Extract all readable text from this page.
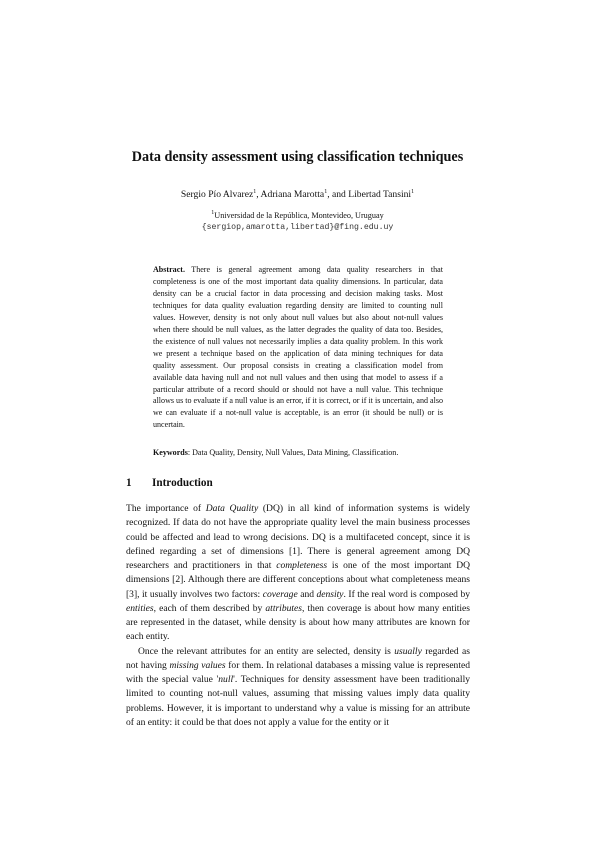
Data density assessment using classification techniques
Sergio Pío Alvarez$^1$, Adriana Marotta$^1$, and Libertad Tansini$^1$
$^1$Universidad de la República, Montevideo, Uruguay
{sergiop,amarotta,libertad}@fing.edu.uy
Abstract. There is general agreement among data quality researchers in that completeness is one of the most important data quality dimensions. In particular, data density can be a crucial factor in data processing and decision making tasks. Most techniques for data quality evaluation regarding density are limited to counting null values. However, density is not only about null values but also about not-null values when there should be null values, as the latter degrades the quality of data too. Besides, the existence of null values not necessarily implies a data quality problem. In this work we present a technique based on the application of data mining techniques for data quality assessment. Our proposal consists in creating a classification model from available data having null and not null values and then using that model to assess if a particular attribute of a record should or should not have a null value. This technique allows us to evaluate if a null value is an error, if it is correct, or if it is uncertain, and also we can evaluate if a not-null value is acceptable, is an error (it should be null) or is uncertain.
Keywords: Data Quality, Density, Null Values, Data Mining, Classification.
1 Introduction

The importance of Data Quality (DQ) in all kind of information systems is widely recognized. If data do not have the appropriate quality level the main business processes could be affected and lead to wrong decisions. DQ is a multifaceted concept, since it is defined regarding a set of dimensions [1]. There is general agreement among DQ researchers and practitioners in that completeness is one of the most important DQ dimensions [2]. Although there are different conceptions about what completeness means [3], it usually involves two factors: coverage and density. If the real word is composed by entities, each of them described by attributes, then coverage is about how many entities are represented in the dataset, while density is about how many attributes are known for each entity.

Once the relevant attributes for an entity are selected, density is usually regarded as not having missing values for them. In relational databases a missing value is represented with the special value 'null'. Techniques for density assessment have been traditionally limited to counting not-null values, assuming that missing values imply data quality problems. However, it is important to understand why a value is missing for an attribute of an entity: it could be that does not apply a value for the entity or it
